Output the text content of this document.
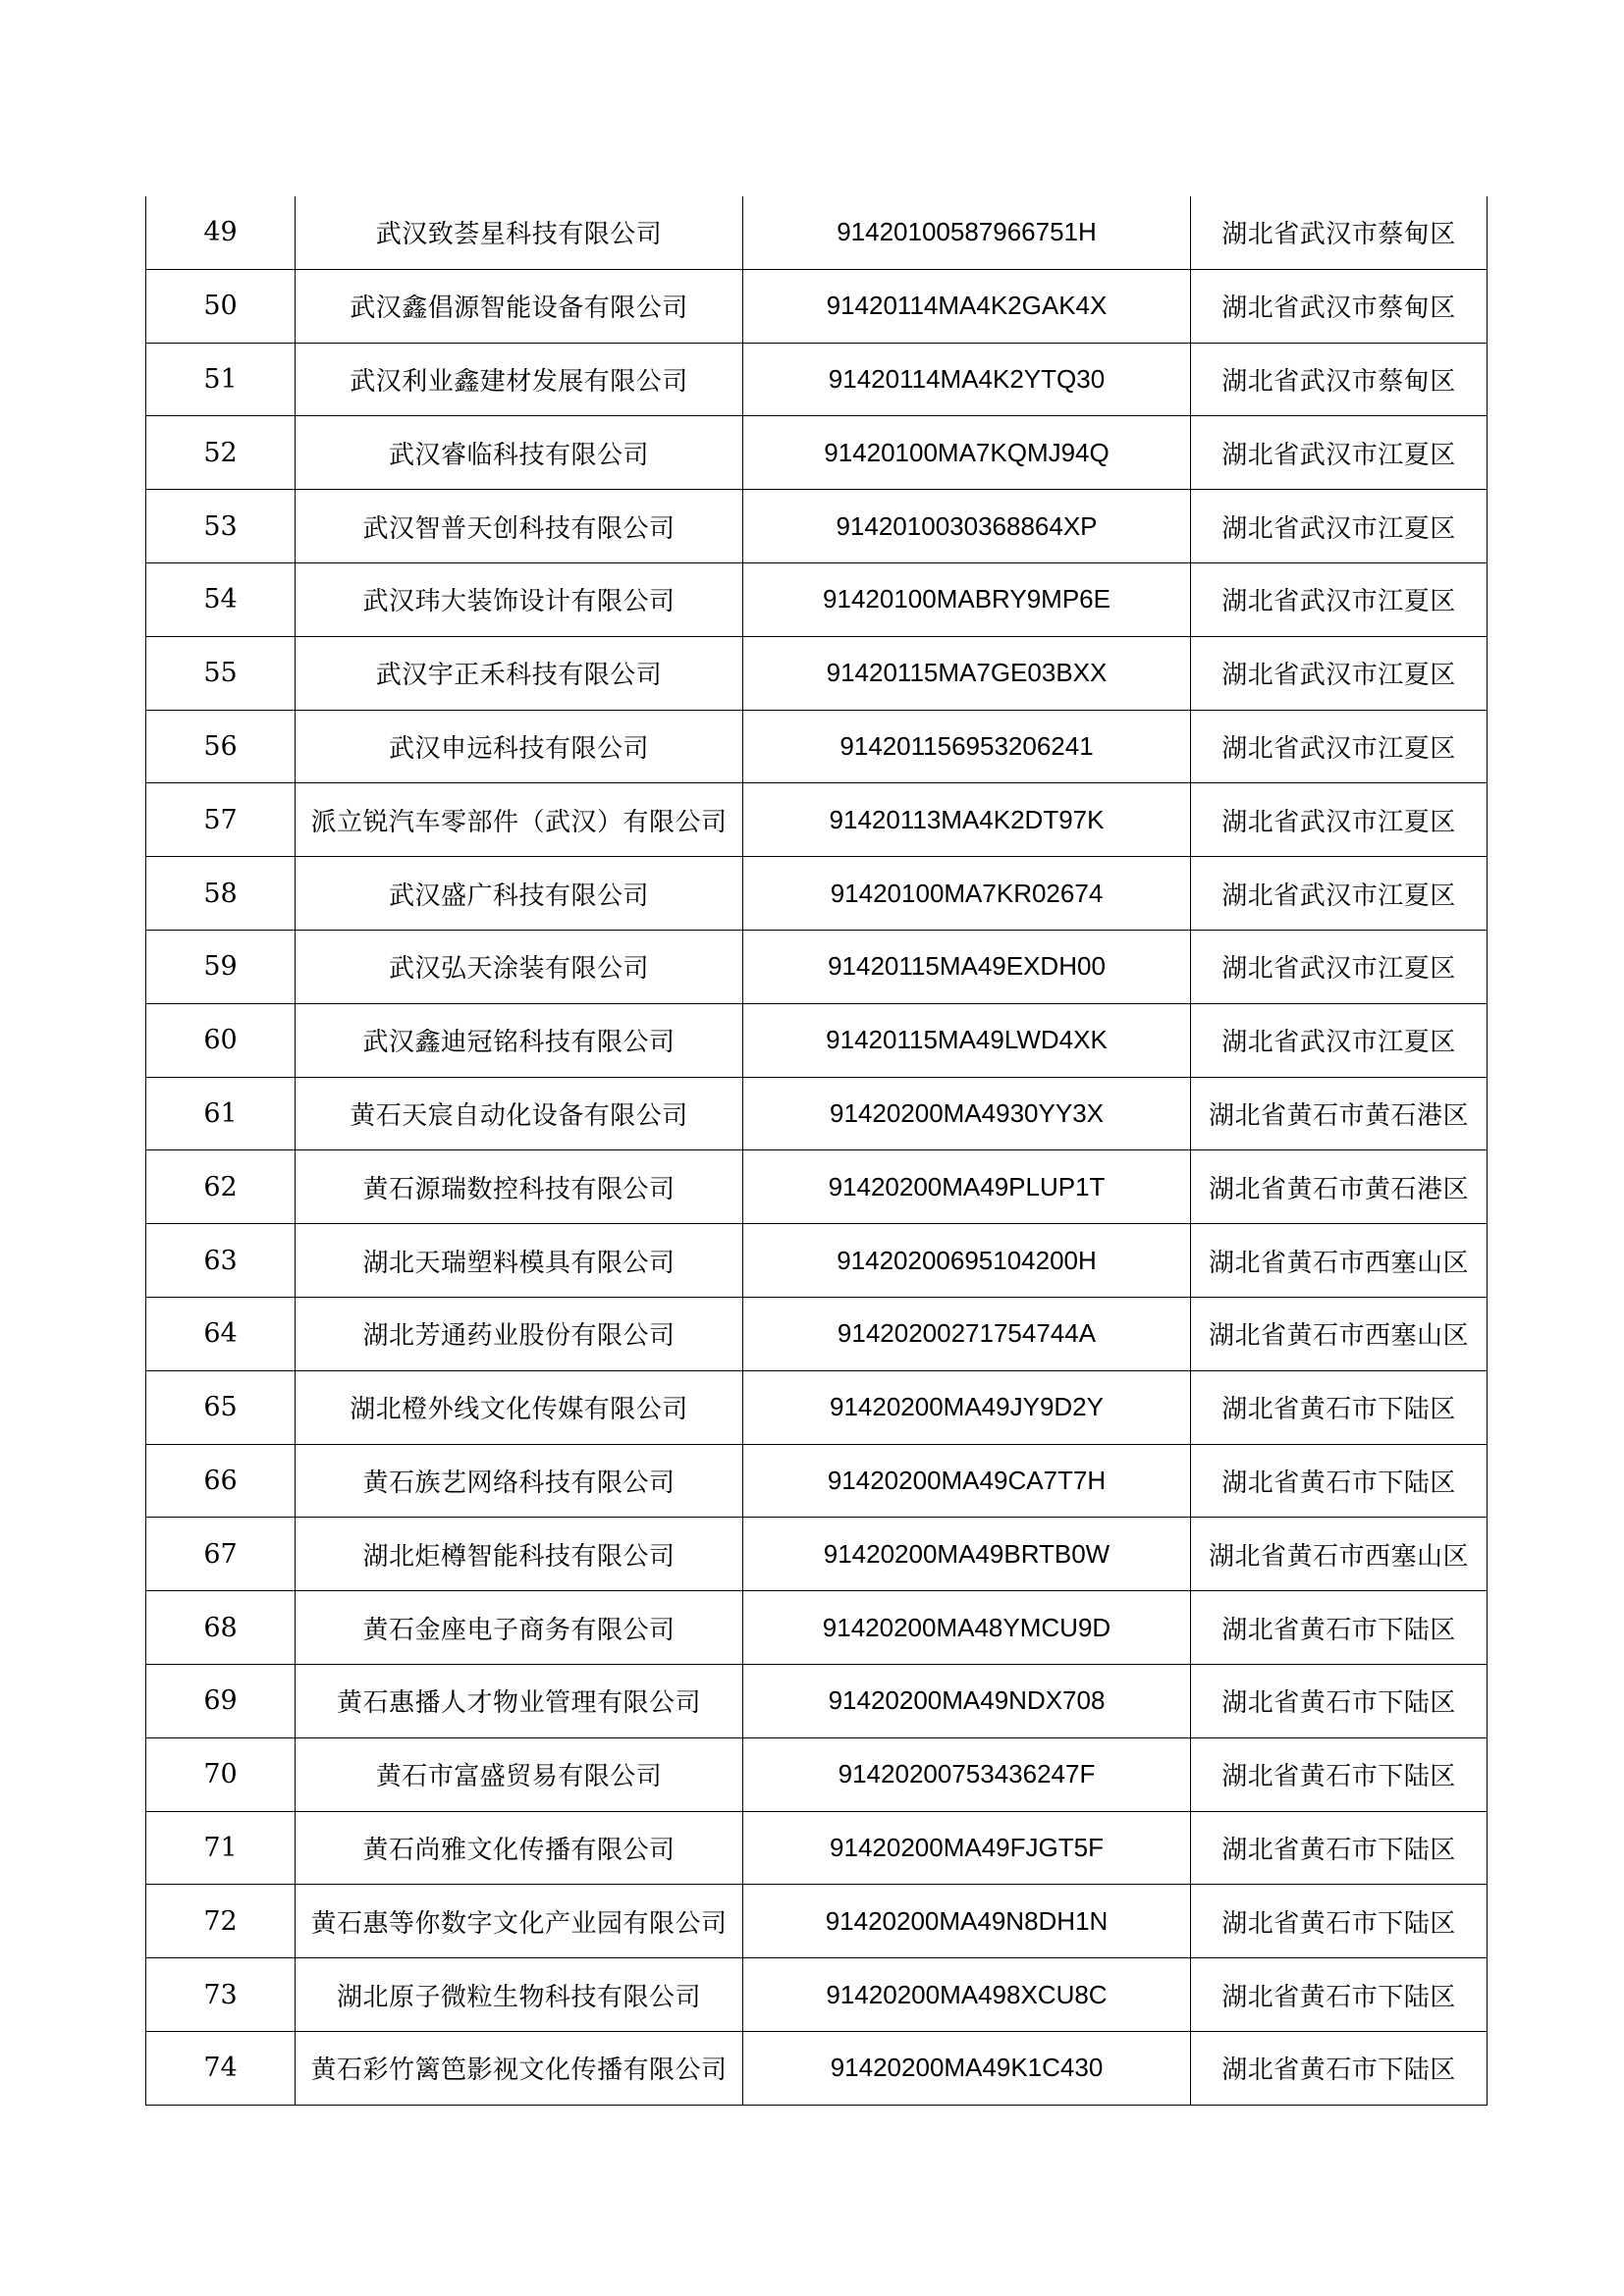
49	武汉致荟星科技有限公司	91420100587966751H	湖北省武汉市蔡甸区
50	武汉鑫倡源智能设备有限公司	91420114MA4K2GAK4X	湖北省武汉市蔡甸区
51	武汉利业鑫建材发展有限公司	91420114MA4K2YTQ30	湖北省武汉市蔡甸区
52	武汉睿临科技有限公司	91420100MA7KQMJ94Q	湖北省武汉市江夏区
53	武汉智普天创科技有限公司	9142010030368864XP	湖北省武汉市江夏区
54	武汉玮大装饰设计有限公司	91420100MABRY9MP6E	湖北省武汉市江夏区
55	武汉宇正禾科技有限公司	91420115MA7GE03BXX	湖北省武汉市江夏区
56	武汉申远科技有限公司	914201156953206241	湖北省武汉市江夏区
57	派立锐汽车零部件（武汉）有限公司	91420113MA4K2DT97K	湖北省武汉市江夏区
58	武汉盛广科技有限公司	91420100MA7KR02674	湖北省武汉市江夏区
59	武汉弘天涂装有限公司	91420115MA49EXDH00	湖北省武汉市江夏区
60	武汉鑫迪冠铭科技有限公司	91420115MA49LWD4XK	湖北省武汉市江夏区
61	黄石天宸自动化设备有限公司	91420200MA4930YY3X	湖北省黄石市黄石港区
62	黄石源瑞数控科技有限公司	91420200MA49PLUP1T	湖北省黄石市黄石港区
63	湖北天瑞塑料模具有限公司	91420200695104200H	湖北省黄石市西塞山区
64	湖北芳通药业股份有限公司	91420200271754744A	湖北省黄石市西塞山区
65	湖北橙外线文化传媒有限公司	91420200MA49JY9D2Y	湖北省黄石市下陆区
66	黄石族艺网络科技有限公司	91420200MA49CA7T7H	湖北省黄石市下陆区
67	湖北炬樽智能科技有限公司	91420200MA49BRTB0W	湖北省黄石市西塞山区
68	黄石金座电子商务有限公司	91420200MA48YMCU9D	湖北省黄石市下陆区
69	黄石惠播人才物业管理有限公司	91420200MA49NDX708	湖北省黄石市下陆区
70	黄石市富盛贸易有限公司	91420200753436247F	湖北省黄石市下陆区
71	黄石尚雅文化传播有限公司	91420200MA49FJGT5F	湖北省黄石市下陆区
72	黄石惠等你数字文化产业园有限公司	91420200MA49N8DH1N	湖北省黄石市下陆区
73	湖北原子微粒生物科技有限公司	91420200MA498XCU8C	湖北省黄石市下陆区
74	黄石彩竹篱笆影视文化传播有限公司	91420200MA49K1C430	湖北省黄石市下陆区
